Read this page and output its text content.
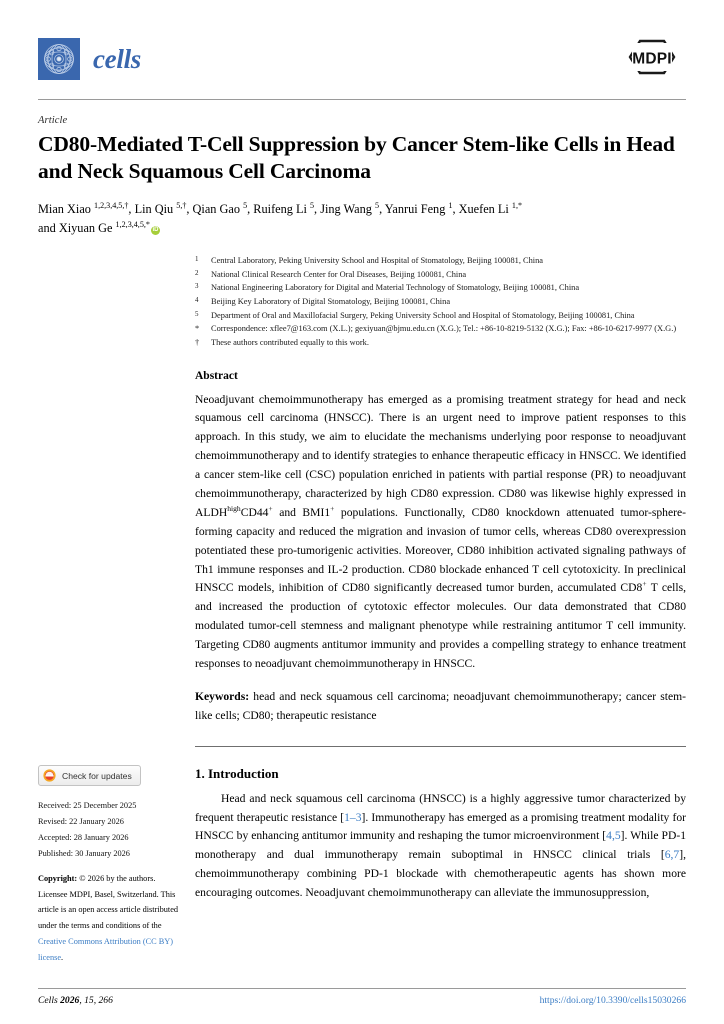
cells	MDPI
Article
CD80-Mediated T-Cell Suppression by Cancer Stem-like Cells in Head and Neck Squamous Cell Carcinoma
Mian Xiao $^{1,2,3,4,5,\dagger}$, Lin Qiu $^{5,\dagger}$, Qian Gao $^5$, Ruifeng Li $^5$, Jing Wang $^5$, Yanrui Feng $^1$, Xuefen Li $^{1,*}$
and Xiyuan Ge $^{1,2,3,4,5,*}$iD
1	Central Laboratory, Peking University School and Hospital of Stomatology, Beijing 100081, China
2	National Clinical Research Center for Oral Diseases, Beijing 100081, China
3	National Engineering Laboratory for Digital and Material Technology of Stomatology, Beijing 100081, China
4	Beijing Key Laboratory of Digital Stomatology, Beijing 100081, China
5	Department of Oral and Maxillofacial Surgery, Peking University School and Hospital of Stomatology, Beijing 100081, China
*	Correspondence: xflee7@163.com (X.L.); gexiyuan@bjmu.edu.cn (X.G.); Tel.: +86-10-8219-5132 (X.G.); Fax: +86-10-6217-9977 (X.G.)
†	These authors contributed equally to this work.
Abstract
Neoadjuvant chemoimmunotherapy has emerged as a promising treatment strategy for head and neck squamous cell carcinoma (HNSCC). There is an urgent need to improve patient responses to this approach. In this study, we aim to elucidate the mechanisms underlying poor response to neoadjuvant chemoimmunotherapy and to identify strategies to enhance therapeutic efficacy in HNSCC. We identified a cancer stem-like cell (CSC) population enriched in patients with partial response (PR) to neoadjuvant chemoimmunotherapy, characterized by high CD80 expression. CD80 was likewise highly expressed in $ALDH^{high}CD44^+$ and BMI1+ populations. Functionally, CD80 knockdown attenuated tumor-sphere-forming capacity and reduced the migration and invasion of tumor cells, whereas CD80 overexpression potentiated these pro-tumorigenic activities. Moreover, CD80 inhibition activated signaling pathways of Th1 immune responses and IL-2 production. CD80 blockade enhanced T cell cytotoxicity. In preclinical HNSCC models, inhibition of CD80 significantly decreased tumor burden, accumulated CD8+ T cells, and increased the production of cytotoxic effector molecules. Our data demonstrated that CD80 modulated tumor-cell stemness and malignant phenotype while restraining antitumor T cell immunity. Targeting CD80 augments antitumor immunity and provides a compelling strategy to enhance treatment responses to neoadjuvant chemoimmunotherapy in HNSCC.
Keywords: head and neck squamous cell carcinoma; neoadjuvant chemoimmunotherapy; cancer stem-like cells; CD80; therapeutic resistance
1. Introduction
Head and neck squamous cell carcinoma (HNSCC) is a highly aggressive tumor characterized by frequent therapeutic resistance [1–3]. Immunotherapy has emerged as a promising treatment modality for HNSCC by enhancing antitumor immunity and reshaping the tumor microenvironment [4,5]. While PD-1 monotherapy and dual immunotherapy remain suboptimal in HNSCC clinical trials [6,7], chemoimmunotherapy combining PD-1 blockade with chemotherapeutic agents has shown more encouraging outcomes. Neoadjuvant chemoimmunotherapy can alleviate the immunosuppression,
Check for updates
Received: 25 December 2025
Revised: 22 January 2026
Accepted: 28 January 2026
Published: 30 January 2026
Copyright: © 2026 by the authors. Licensee MDPI, Basel, Switzerland. This article is an open access article distributed under the terms and conditions of the Creative Commons Attribution (CC BY) license.
Cells 2026, 15, 266	https://doi.org/10.3390/cells15030266
